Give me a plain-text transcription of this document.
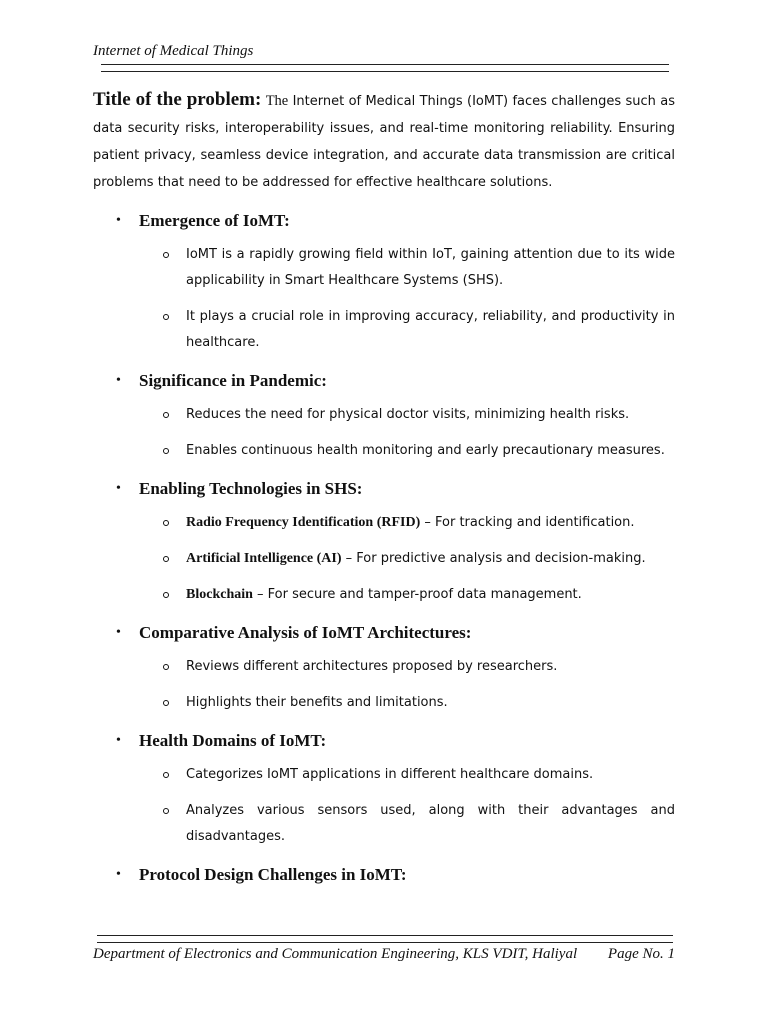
Internet of Medical Things

Title of the problem: The Internet of Medical Things (IoMT) faces challenges such as data security risks, interoperability issues, and real-time monitoring reliability. Ensuring patient privacy, seamless device integration, and accurate data transmission are critical problems that need to be addressed for effective healthcare solutions.

• Emergence of IoMT:
IoMT is a rapidly growing field within IoT, gaining attention due to its wide applicability in Smart Healthcare Systems (SHS).
It plays a crucial role in improving accuracy, reliability, and productivity in healthcare.
• Significance in Pandemic:
Reduces the need for physical doctor visits, minimizing health risks.
Enables continuous health monitoring and early precautionary measures.
• Enabling Technologies in SHS:
Radio Frequency Identification (RFID) – For tracking and identification.
Artificial Intelligence (AI) – For predictive analysis and decision-making.
Blockchain – For secure and tamper-proof data management.
• Comparative Analysis of IoMT Architectures:
Reviews different architectures proposed by researchers.
Highlights their benefits and limitations.
• Health Domains of IoMT:
Categorizes IoMT applications in different healthcare domains.
Analyzes various sensors used, along with their advantages and disadvantages.
• Protocol Design Challenges in IoMT:
Department of Electronics and Communication Engineering, KLS VDIT, Haliyal Page No. 1
